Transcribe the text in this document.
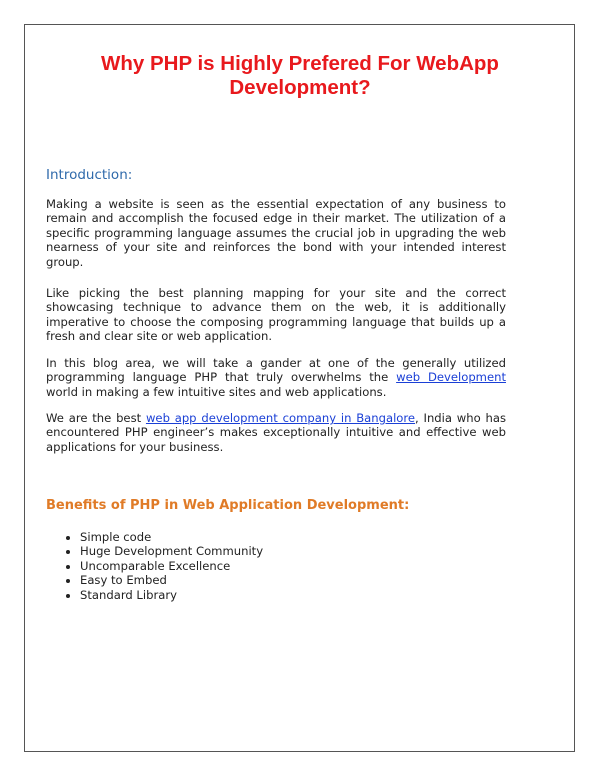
Why PHP is Highly Prefered For WebApp Development?
Introduction:

Making a website is seen as the essential expectation of any business to remain and accomplish the focused edge in their market. The utilization of a specific programming language assumes the crucial job in upgrading the web nearness of your site and reinforces the bond with your intended interest group.

Like picking the best planning mapping for your site and the correct showcasing technique to advance them on the web, it is additionally imperative to choose the composing programming language that builds up a fresh and clear site or web application.

In this blog area, we will take a gander at one of the generally utilized programming language PHP that truly overwhelms the web Development world in making a few intuitive sites and web applications.

We are the best web app development company in Bangalore, India who has encountered PHP engineer’s makes exceptionally intuitive and effective web applications for your business.

Benefits of PHP in Web Application Development:
• Simple code
• Huge Development Community
• Uncomparable Excellence
• Easy to Embed
• Standard Library
